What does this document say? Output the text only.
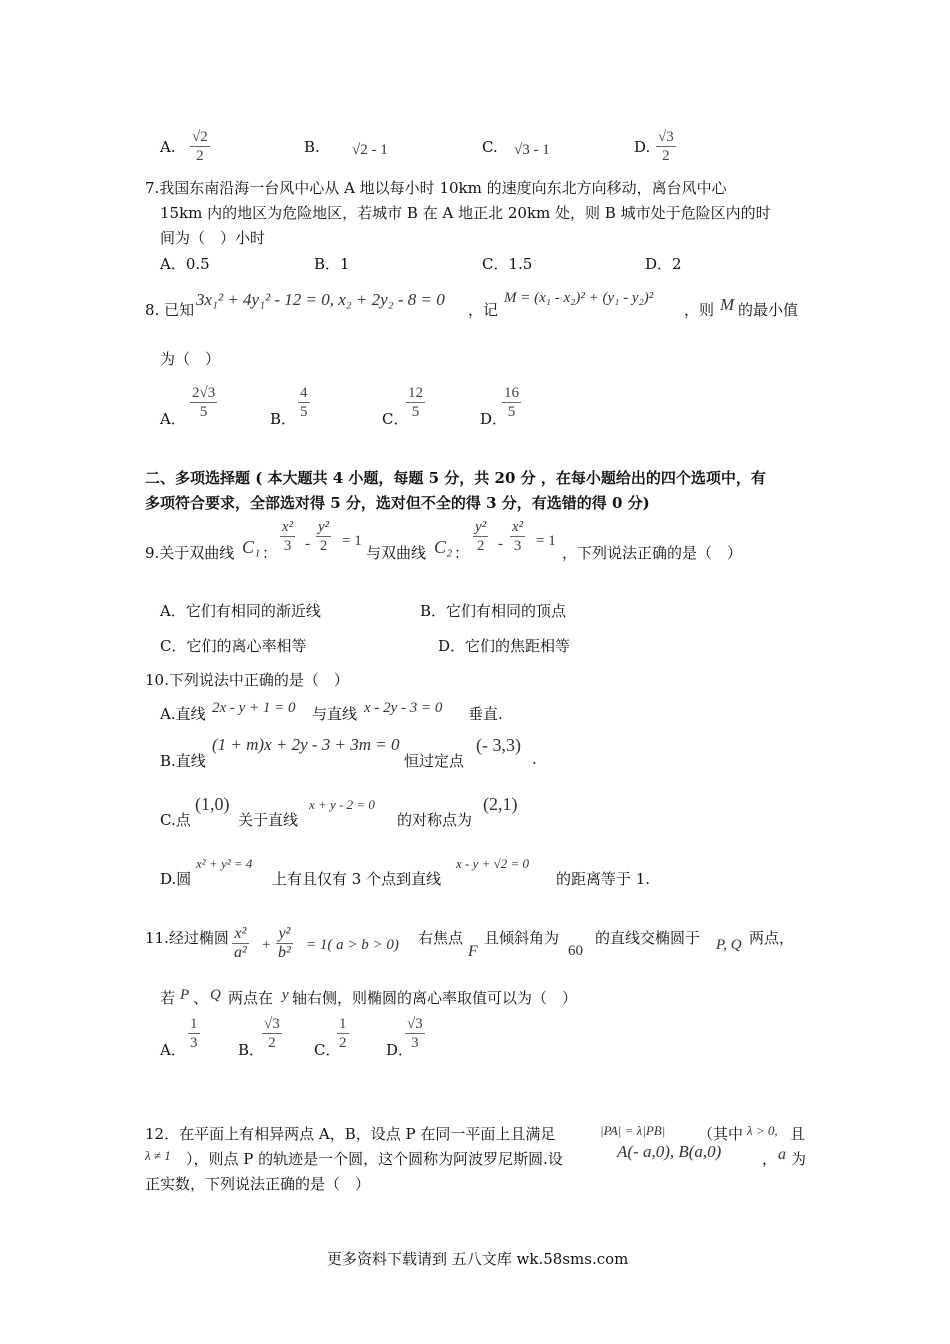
A. $\frac{√2}{2}$	B. √2 - 1	C. √3 - 1	D. $\frac{√3}{2}$
7.我国东南沿海一台风中心从 A 地以每小时 10km 的速度向东北方向移动，离台风中心
15km 内的地区为危险地区，若城市 B 在 A 地正北 20km 处，则 B 城市处于危险区内的时
间为（　）小时
A．0.5	B．1	C．1.5	D．2
8. 已知
3x₁² + 4y₁² - 12 = 0, x₂ + 2y₂ - 8 = 0
，记
M = (x₁ - x₂)² + (y₁ - y₂)²
，则 M 的最小值
为（　）
A． $\frac{2√3}{5}$	B． $\frac{4}{5}$	C．
$\frac{12}{5}$	D．
$\frac{16}{5}$
二、多项选择题 ( 本大题共 4 小题，每题 5 分，共 20 分 ，在每小题给出的四个选项中，有
多项符合要求，全部选对得 5 分，选对但不全的得 3 分，有选错的得 0 分)
9.关于双曲线 C₁ ： $\frac{\text{x²}}{3} - \frac{\text{y²}}{2} = 1$
与双曲线 C₂ ： $\frac{\text{y²}}{2} - \frac{\text{x²}}{3} = 1$
，下列说法正确的是（　）
A．它们有相同的渐近线	B．它们有相同的顶点
C．它们的离心率相等	D．它们的焦距相等
10.下列说法中正确的是（　）
A.直线 2x - y + 1 = 0 与直线 x - 2y - 3 = 0 垂直.
B.直线
(1 + m)x + 2y - 3 + 3m = 0
恒过定点
(- 3,3)
.
C.点
(1,0)
关于直线
x + y - 2 = 0
的对称点为
(2,1)
D.圆
x² + y² = 4
上有且仅有 3 个点到直线
x - y + √2 = 0
的距离等于 1.
11.经过椭圆 $\frac{\text{x²}}{\text{a²}} + \frac{\text{y²}}{\text{b²}} = 1$( a > b > 0) 右焦点
F
且倾斜角为
60
的直线交椭圆于 P, Q 两点，
若 P 、 Q 两点在 y 轴右侧，则椭圆的离心率取值可以为（　）
A． $\frac{1}{3}$	B．
$\frac{√3}{2}$ C．
$\frac{1}{2}$	D．
$\frac{√3}{3}$
12．在平面上有相异两点 A，B，设点 P 在同一平面上且满足	|PA| = λ|PB| （其中 λ > 0, 且
λ ≠ 1 ），则点 P 的轨迹是一个圆，这个圆称为阿波罗尼斯圆.设	A(- a,0), B(a,0)	， a 为
正实数，下列说法正确的是（　）
更多资料下载请到 五八文库 wk.58sms.com
